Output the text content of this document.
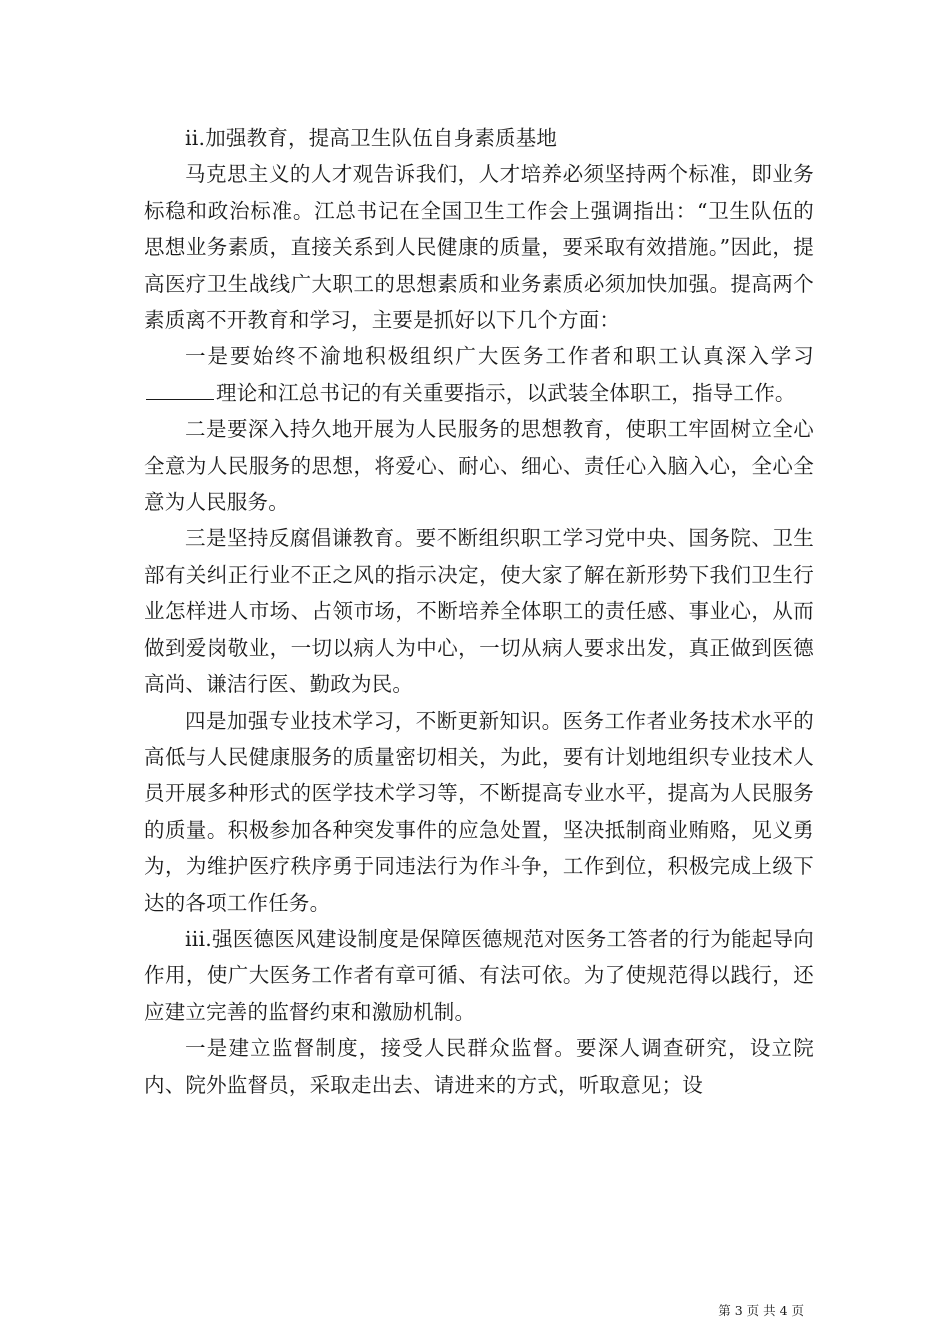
ii.加强教育，提高卫生队伍自身素质基地

马克思主义的人才观告诉我们，人才培养必须坚持两个标准，即业务标稳和政治标准。江总书记在全国卫生工作会上强调指出：“卫生队伍的思想业务素质，直接关系到人民健康的质量，要采取有效措施。”因此，提高医疗卫生战线广大职工的思想素质和业务素质必须加快加强。提高两个素质离不开教育和学习，主要是抓好以下几个方面：

一是要始终不渝地积极组织广大医务工作者和职工认真深入学习理论和江总书记的有关重要指示，以武装全体职工，指导工作。

二是要深入持久地开展为人民服务的思想教育，使职工牢固树立全心全意为人民服务的思想，将爱心、耐心、细心、责任心入脑入心，全心全意为人民服务。

三是坚持反腐倡谦教育。要不断组织职工学习党中央、国务院、卫生部有关纠正行业不正之风的指示决定，使大家了解在新形势下我们卫生行业怎样进人市场、占领市场，不断培养全体职工的责任感、事业心，从而做到爱岗敬业，一切以病人为中心，一切从病人要求出发，真正做到医德高尚、谦洁行医、勤政为民。

四是加强专业技术学习，不断更新知识。医务工作者业务技术水平的高低与人民健康服务的质量密切相关，为此，要有计划地组织专业技术人员开展多种形式的医学技术学习等，不断提高专业水平，提高为人民服务的质量。积极参加各种突发事件的应急处置，坚决抵制商业贿赂，见义勇为，为维护医疗秩序勇于同违法行为作斗争，工作到位，积极完成上级下达的各项工作任务。

iii.强医德医风建设制度是保障医德规范对医务工答者的行为能起导向作用，使广大医务工作者有章可循、有法可依。为了使规范得以践行，还应建立完善的监督约束和激励机制。

一是建立监督制度，接受人民群众监督。要深人调查研究，设立院内、院外监督员，采取走出去、请进来的方式，听取意见；设

第 3 页 共 4 页
